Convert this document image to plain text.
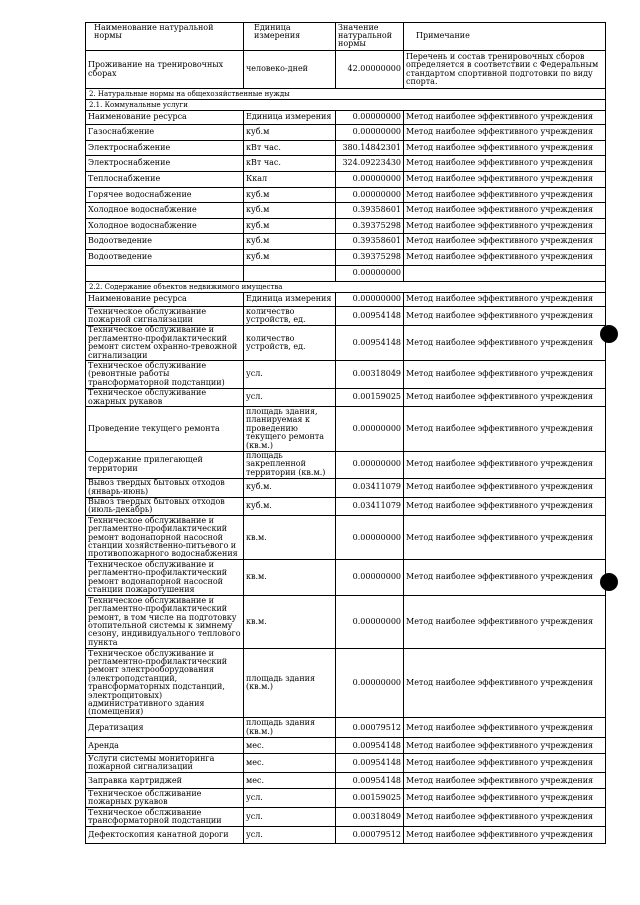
Наименование натуральной нормы	Единица измерения	Значение натуральной нормы	Примечание
Проживание на тренировочных сборах	человеко-дней	42.00000000	Перечень и состав тренировочных сборов определяется в соответствии с Федеральным стандартом спортивной подготовки по виду спорта.
2. Натуральные нормы на общехозяйственные нужды			
2.1. Коммунальные услуги			
Наименование ресурса	Единица измерения	0.00000000	Метод наиболее эффективного учреждения
Газоснабжение	куб.м	0.00000000	Метод наиболее эффективного учреждения
Электроснабжение	кВт час.	380.14842301	Метод наиболее эффективного учреждения
Электроснабжение	кВт час.	324.09223430	Метод наиболее эффективного учреждения
Теплоснабжение	Ккал	0.00000000	Метод наиболее эффективного учреждения
Горячее водоснабжение	куб.м	0.00000000	Метод наиболее эффективного учреждения
Холодное водоснабжение	куб.м	0.39358601	Метод наиболее эффективного учреждения
Холодное водоснабжение	куб.м	0.39375298	Метод наиболее эффективного учреждения
Водоотведение	куб.м	0.39358601	Метод наиболее эффективного учреждения
Водоотведение	куб.м	0.39375298	Метод наиболее эффективного учреждения
		0.00000000	
2.2. Содержание объектов недвижимого имущества			
Наименование ресурса	Единица измерения	0.00000000	Метод наиболее эффективного учреждения
Техническое обслуживание пожарной сигнализации	количество устройств, ед.	0.00954148	Метод наиболее эффективного учреждения
Техническое обслуживание и регламентно-профилактический ремонт систем охранно-тревожной сигнализации	количество устройств, ед.	0.00954148	Метод наиболее эффективного учреждения
Техническое обслуживание (ревонтные работы трансформаторной подстанции)	усл.	0.00318049	Метод наиболее эффективного учреждения
Техническое обслуживание ожарных рукавов	усл.	0.00159025	Метод наиболее эффективного учреждения
Проведение текущего ремонта	площадь здания, планируемая к проведению текущего ремонта (кв.м.)	0.00000000	Метод наиболее эффективного учреждения
Содержание прилегающей территории	площадь закрепленной территории (кв.м.)	0.00000000	Метод наиболее эффективного учреждения
Вывоз твердых бытовых отходов (январь-июнь)	куб.м.	0.03411079	Метод наиболее эффективного учреждения
Вывоз твердых бытовых отходов (июль-декабрь)	куб.м.	0.03411079	Метод наиболее эффективного учреждения
Техническое обслуживание и регламентно-профилактический ремонт водонапорной насосной станции хозяйственно-питьевого и противопожарного водоснабжения	кв.м.	0.00000000	Метод наиболее эффективного учреждения
Техническое обслуживание и регламентно-профилактический ремонт водонапорной насосной станции пожаротушения	кв.м.	0.00000000	Метод наиболее эффективного учреждения
Техническое обслуживание и регламентно-профилактический ремонт, в том числе на подготовку отопительной системы к зимнему сезону, индивидуального теплового пункта	кв.м.	0.00000000	Метод наиболее эффективного учреждения
Техническое обслуживание и регламентно-профилактический ремонт электрооборудования (электроподстанций, трансформаторных подстанций, электрощитовых) административного здания (помещения)	площадь здания (кв.м.)	0.00000000	Метод наиболее эффективного учреждения
Дератизация	площадь здания (кв.м.)	0.00079512	Метод наиболее эффективного учреждения
Аренда	мес.	0.00954148	Метод наиболее эффективного учреждения
Услуги системы мониторинга пожарной сигнализации	мес.	0.00954148	Метод наиболее эффективного учреждения
Заправка картриджей	мес.	0.00954148	Метод наиболее эффективного учреждения
Техническое обслживание пожарных рукавов	усл.	0.00159025	Метод наиболее эффективного учреждения
Техническое обслживание трансформаторной подстанции	усл.	0.00318049	Метод наиболее эффективного учреждения
Дефектоскопия канатной дороги	усл.	0.00079512	Метод наиболее эффективного учреждения
